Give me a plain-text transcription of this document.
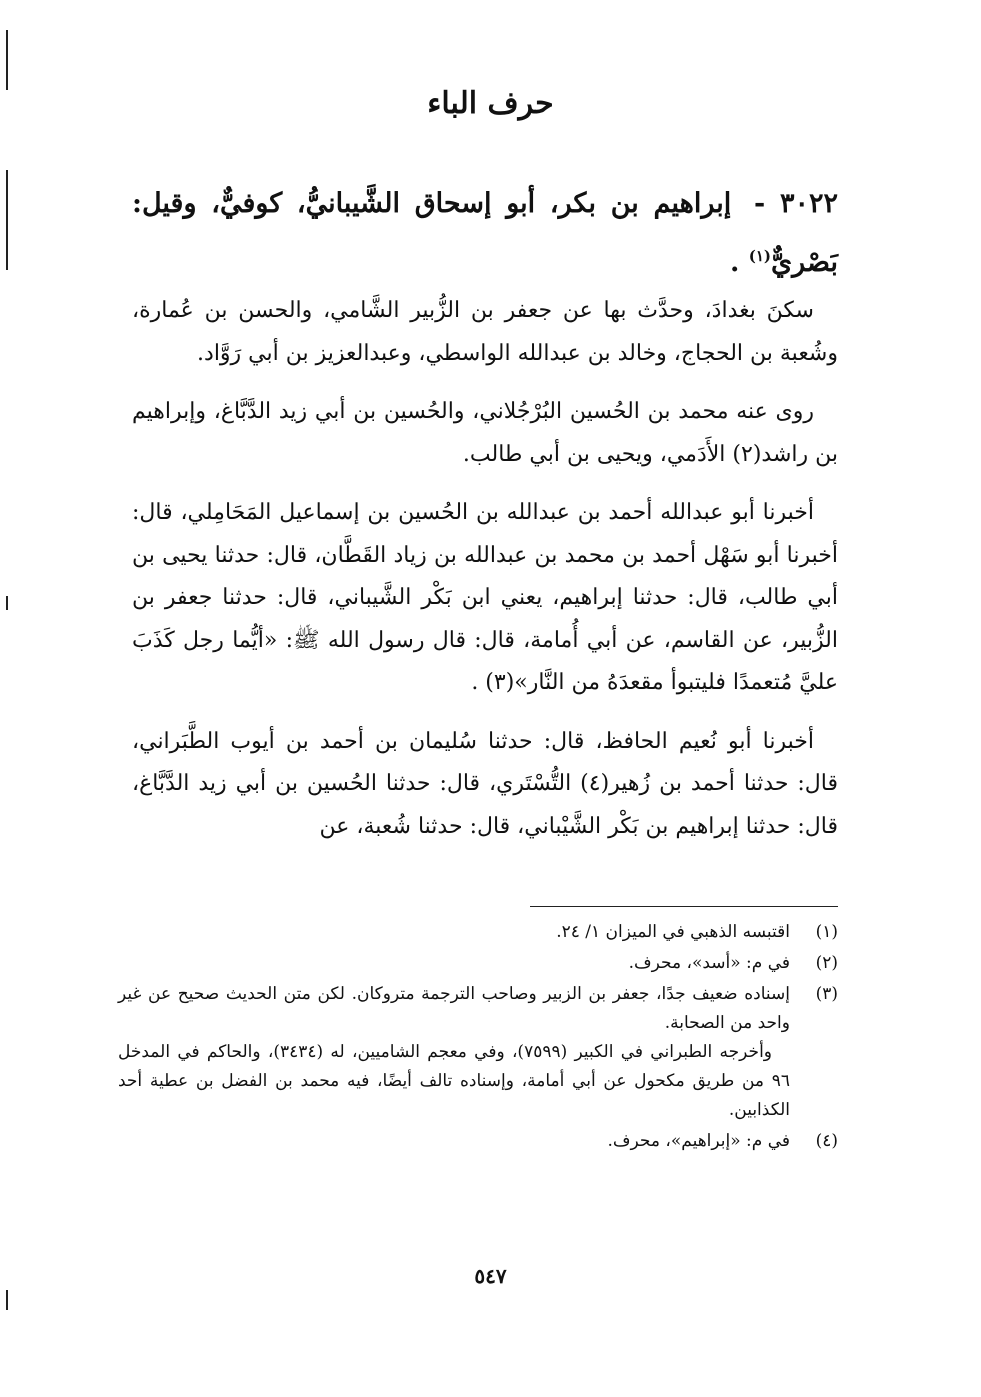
حرف الباء
٣٠٢٢ - إبراهيم بن بكر، أبو إسحاق الشَّيبانيُّ، كوفيٌّ، وقيل: بَصْريٌّ$^{(١)}$ .

سكنَ بغدادَ، وحدَّث بها عن جعفر بن الزُّبير الشَّامي، والحسن بن عُمارة، وشُعبة بن الحجاج، وخالد بن عبدالله الواسطي، وعبدالعزيز بن أبي رَوَّاد.

روى عنه محمد بن الحُسين البُرْجُلاني، والحُسين بن أبي زيد الدَّبَّاغ، وإبراهيم بن راشد(٢) الأَدَمي، ويحيى بن أبي طالب.

أخبرنا أبو عبدالله أحمد بن عبدالله بن الحُسين بن إسماعيل المَحَامِلي، قال: أخبرنا أبو سَهْل أحمد بن محمد بن عبدالله بن زياد القَطَّان، قال: حدثنا يحيى بن أبي طالب، قال: حدثنا إبراهيم، يعني ابن بَكْر الشَّيباني، قال: حدثنا جعفر بن الزُّبير، عن القاسم، عن أبي أُمامة، قال: قال رسول الله ﷺ: «أيُّما رجل كَذَبَ عليَّ مُتعمدًا فليتبوأ مقعدَهُ من النَّار»(٣) .

أخبرنا أبو نُعيم الحافظ، قال: حدثنا سُليمان بن أحمد بن أيوب الطَّبَراني، قال: حدثنا أحمد بن زُهير(٤) التُّسْتَري، قال: حدثنا الحُسين بن أبي زيد الدَّبَّاغ، قال: حدثنا إبراهيم بن بَكْر الشَّيْباني، قال: حدثنا شُعبة، عن

(١)
اقتبسه الذهبي في الميزان ١/ ٢٤.
(٢)
في م: «أسد»، محرف.
(٣)
إسناده ضعيف جدًا، جعفر بن الزبير وصاحب الترجمة متروكان. لكن متن الحديث صحيح عن غير واحد من الصحابة.
وأخرجه الطبراني في الكبير (٧٥٩٩)، وفي معجم الشاميين، له (٣٤٣٤)، والحاكم في المدخل ٩٦ من طريق مكحول عن أبي أمامة، وإسناده تالف أيضًا، فيه محمد بن الفضل بن عطية أحد الكذابين.
(٤)
في م: «إبراهيم»، محرف.
٥٤٧
